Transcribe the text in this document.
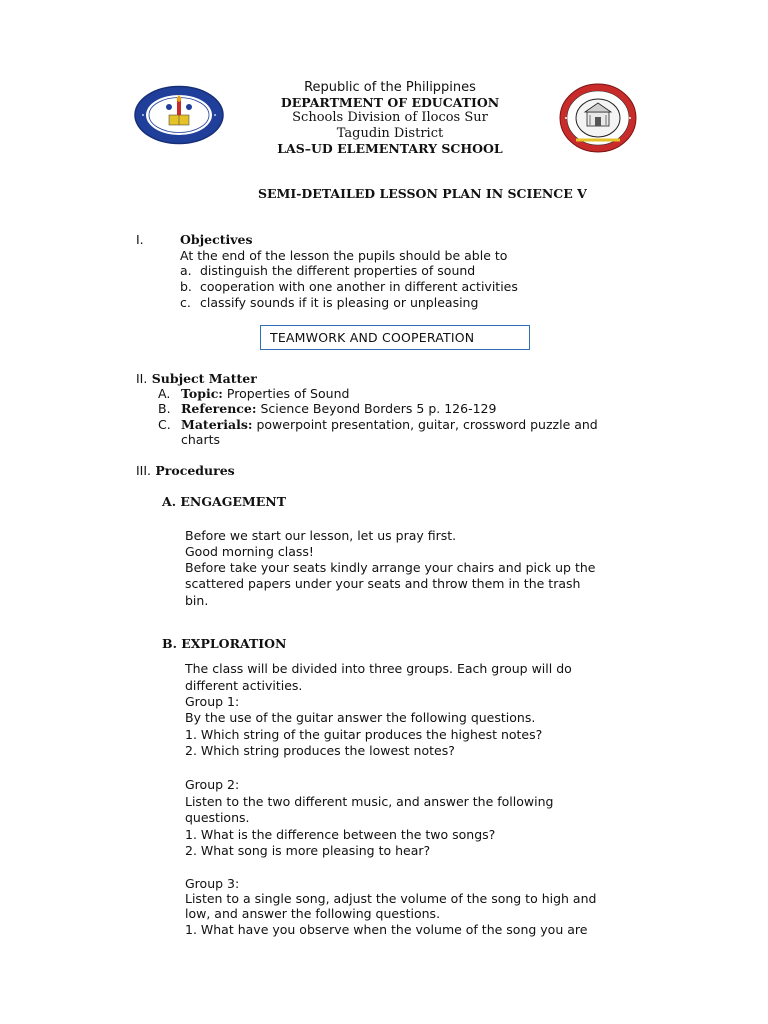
Republic of the Philippines
DEPARTMENT OF EDUCATION
Schools Division of Ilocos Sur
Tagudin District
LAS–UD ELEMENTARY SCHOOL
SEMI-DETAILED LESSON PLAN IN SCIENCE V
I.	Objectives
At the end of the lesson the pupils should be able to
a. distinguish the different properties of sound
b. cooperation with one another in different activities
c. classify sounds if it is pleasing or unpleasing
TEAMWORK AND COOPERATION
II. Subject Matter
A. Topic: Properties of Sound
B. Reference: Science Beyond Borders 5 p. 126-129
C. Materials: powerpoint presentation, guitar, crossword puzzle and
charts
III. Procedures
A. ENGAGEMENT
Before we start our lesson, let us pray first.
Good morning class!
Before take your seats kindly arrange your chairs and pick up the
scattered papers under your seats and throw them in the trash
bin.
B. EXPLORATION
The class will be divided into three groups. Each group will do
different activities.
Group 1:
By the use of the guitar answer the following questions.
1. Which string of the guitar produces the highest notes?
2. Which string produces the lowest notes?
Group 2:
Listen to the two different music, and answer the following
questions.
1. What is the difference between the two songs?
2. What song is more pleasing to hear?
Group 3:
Listen to a single song, adjust the volume of the song to high and
low, and answer the following questions.
1. What have you observe when the volume of the song you are
